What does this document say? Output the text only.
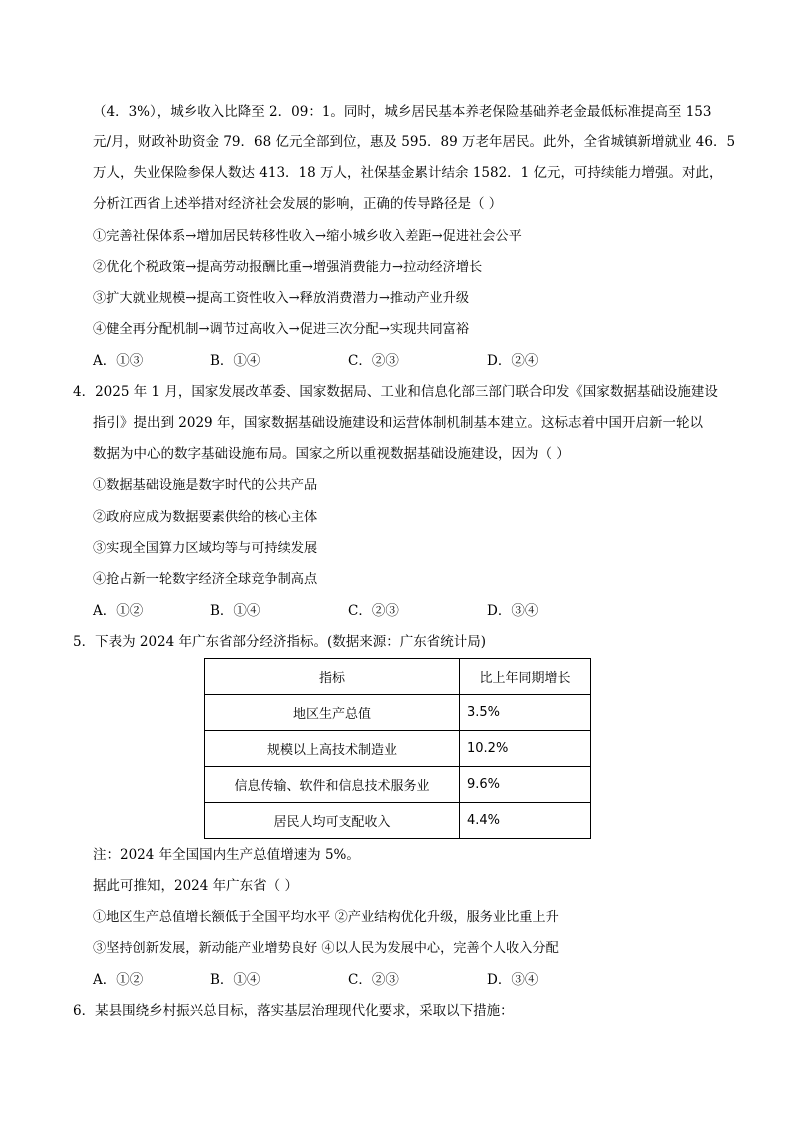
（4．3%），城乡收入比降至 2．09：1。同时，城乡居民基本养老保险基础养老金最低标准提高至 153
元/月，财政补助资金 79．68 亿元全部到位，惠及 595．89 万老年居民。此外，全省城镇新增就业 46．5
万人，失业保险参保人数达 413．18 万人，社保基金累计结余 1582．1 亿元，可持续能力增强。对此，
分析江西省上述举措对经济社会发展的影响，正确的传导路径是（ ）
①完善社保体系→增加居民转移性收入→缩小城乡收入差距→促进社会公平
②优化个税政策→提高劳动报酬比重→增强消费能力→拉动经济增长
③扩大就业规模→提高工资性收入→释放消费潜力→推动产业升级
④健全再分配机制→调节过高收入→促进三次分配→实现共同富裕
A．①③	B．①④	C．②③	D．②④
4．2025 年 1 月，国家发展改革委、国家数据局、工业和信息化部三部门联合印发《国家数据基础设施建设
指引》提出到 2029 年，国家数据基础设施建设和运营体制机制基本建立。这标志着中国开启新一轮以
数据为中心的数字基础设施布局。国家之所以重视数据基础设施建设，因为（ ）
①数据基础设施是数字时代的公共产品
②政府应成为数据要素供给的核心主体
③实现全国算力区域均等与可持续发展
④抢占新一轮数字经济全球竞争制高点
A．①②	B．①④	C．②③	D．③④
5．下表为 2024 年广东省部分经济指标。(数据来源：广东省统计局)
指标	比上年同期增长
地区生产总值	3.5%
规模以上高技术制造业	10.2%
信息传输、软件和信息技术服务业	9.6%
居民人均可支配收入	4.4%
注：2024 年全国国内生产总值增速为 5%。
据此可推知，2024 年广东省（ ）
①地区生产总值增长额低于全国平均水平 ②产业结构优化升级，服务业比重上升
③坚持创新发展，新动能产业增势良好 ④以人民为发展中心，完善个人收入分配
A．①②	B．①④	C．②③	D．③④
6．某县围绕乡村振兴总目标，落实基层治理现代化要求，采取以下措施：
